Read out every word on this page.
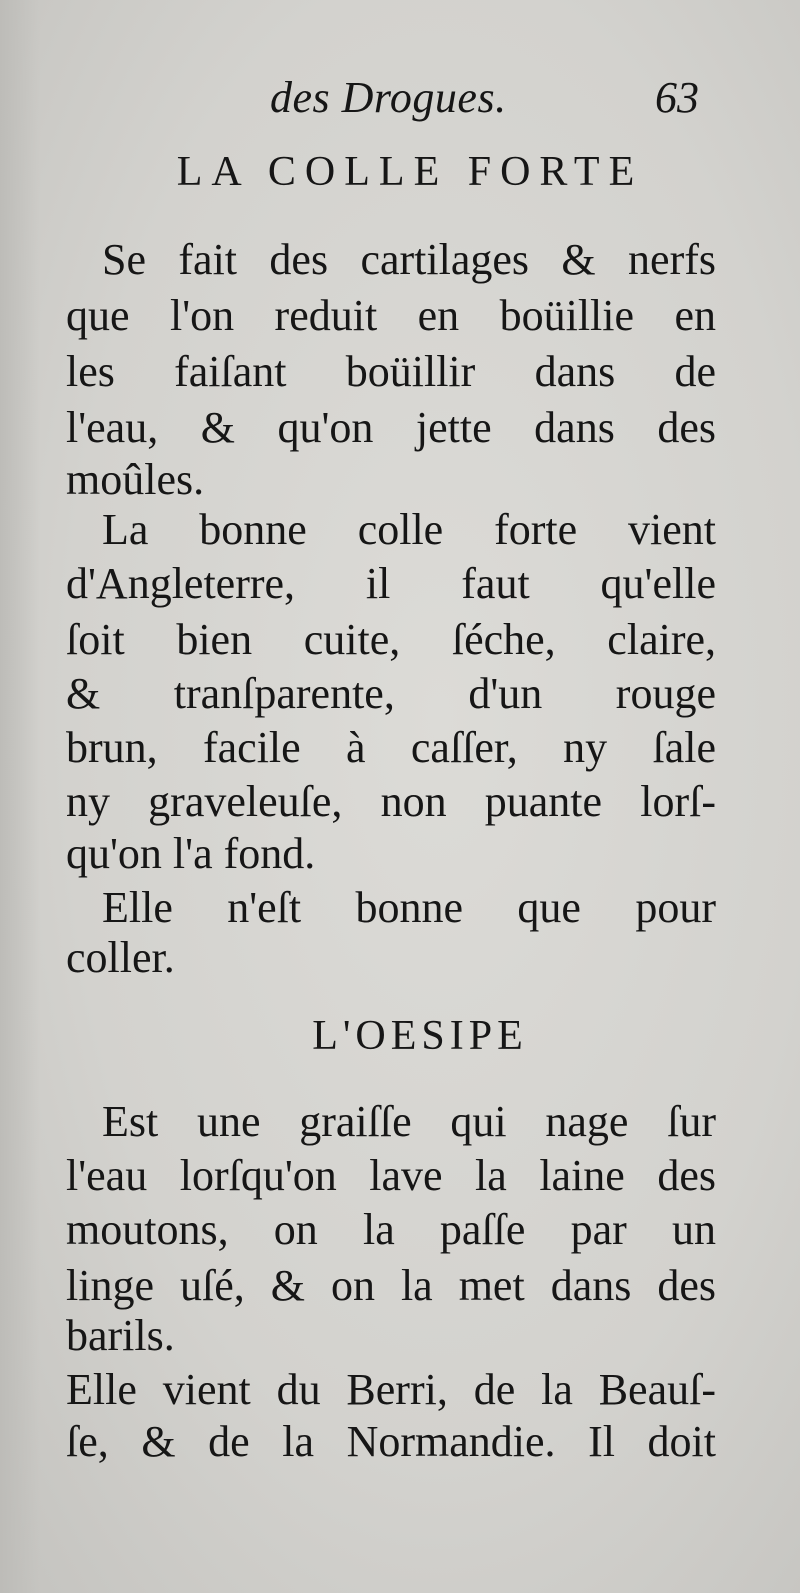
des Drogues.	63
LA COLLE FORTE
Se fait des cartilages & nerfs
que l'on reduit en boüillie en
les faiſant boüillir dans de
l'eau, & qu'on jette dans des
moûles.
La bonne colle forte vient
d'Angleterre, il faut qu'elle
ſoit bien cuite, ſéche, claire,
& tranſparente, d'un rouge
brun, facile à caſſer, ny ſale
ny graveleuſe, non puante lorſ-
qu'on l'a fond.
Elle n'eſt bonne que pour
coller.
L'OESIPE
Est une graiſſe qui nage ſur
l'eau lorſqu'on lave la laine des
moutons, on la paſſe par un
linge uſé, & on la met dans des
barils.
Elle vient du Berri, de la Beauſ-
ſe, & de la Normandie. Il doit
